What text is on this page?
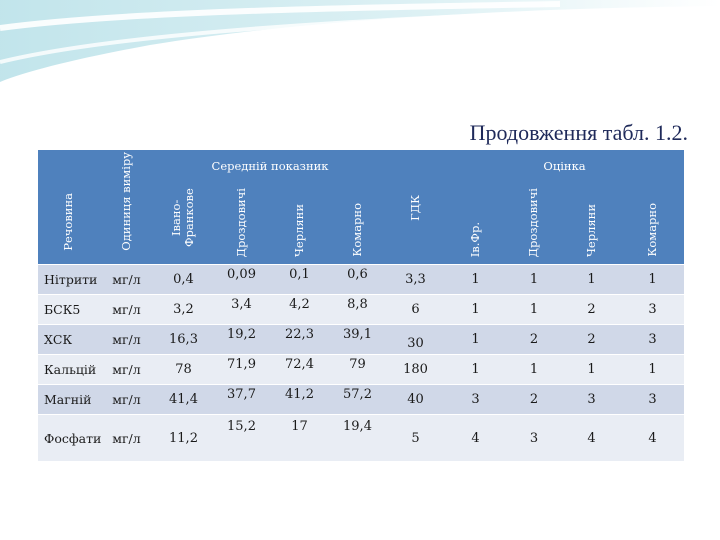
Продовження табл. 1.2.
Речовина	Одиниця виміру	Середній показник				ГДК	Оцінка			

		Івано-Франкове	Дроздовичі	Черляни	Комарно		Ів.Фр.	Дроздовичі	Черляни	Комарно

Нітрити	мг/л	0,4	0,09	0,1	0,6	3,3	1	1	1	1
БСК5	мг/л	3,2	3,4	4,2	8,8	6	1	1	2	3
ХСК	мг/л	16,3	19,2	22,3	39,1	30	1	2	2	3
Кальцій	мг/л	78	71,9	72,4	79	180	1	1	1	1
Магній	мг/л	41,4	37,7	41,2	57,2	40	3	2	3	3
Фосфати	мг/л	11,2	15,2	17	19,4	5	4	3	4	4
